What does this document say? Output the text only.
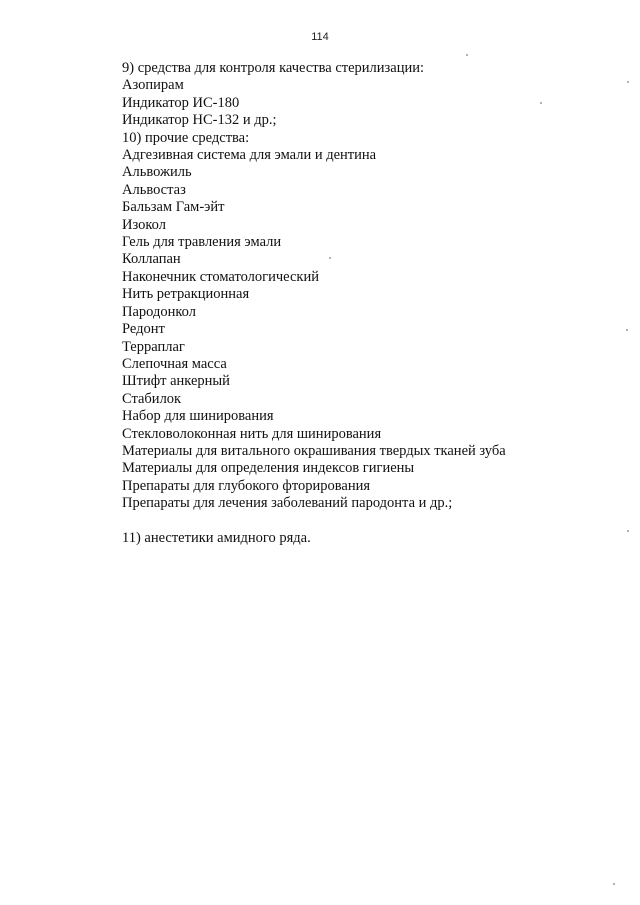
114
9) средства для контроля качества стерилизации:
Азопирам
Индикатор ИС-180
Индикатор НС-132 и др.;
10) прочие средства:
Адгезивная система для эмали и дентина
Альвожиль
Альвостаз
Бальзам Гам-эйт
Изокол
Гель для травления эмали
Коллапан
Наконечник стоматологический
Нить ретракционная
Пародонкол
Редонт
Терраплаг
Слепочная масса
Штифт анкерный
Стабилок
Набор для шинирования
Стекловолоконная нить для шинирования
Материалы для витального окрашивания твердых тканей зуба
Материалы для определения индексов гигиены
Препараты для глубокого фторирования
Препараты для лечения заболеваний пародонта и др.;
11) анестетики амидного ряда.
